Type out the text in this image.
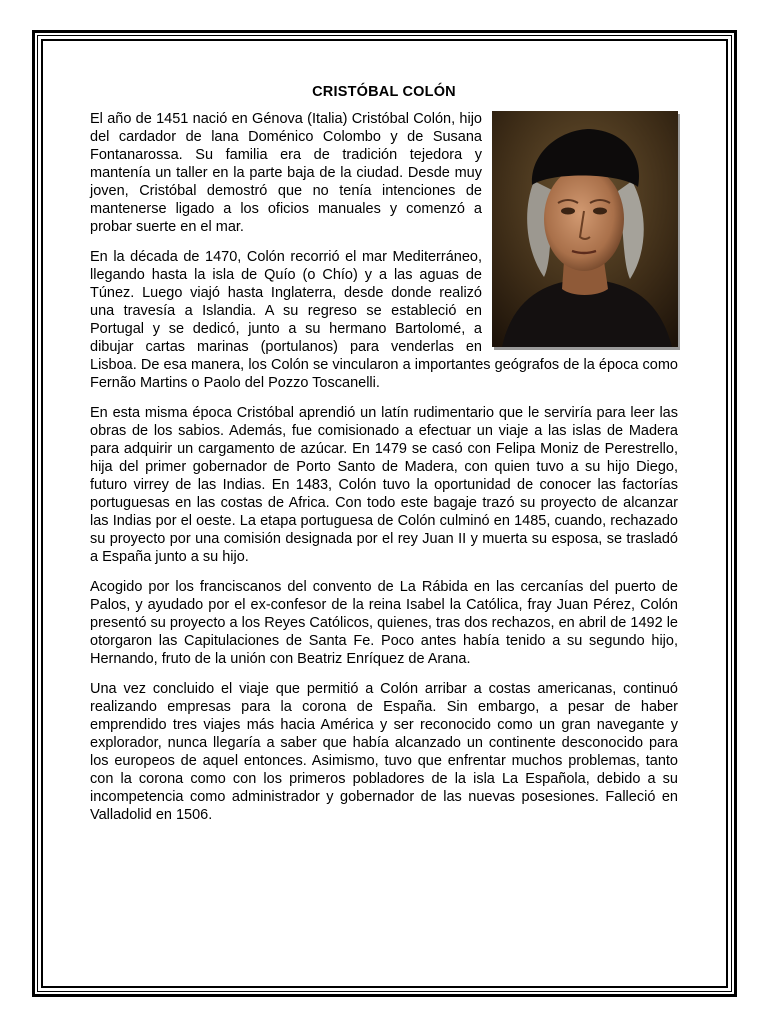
CRISTÓBAL COLÓN

El año de 1451 nació en Génova (Italia) Cristóbal Colón, hijo del cardador de lana Doménico Colombo y de Susana Fontanarossa. Su familia era de tradición tejedora y mantenía un taller en la parte baja de la ciudad. Desde muy joven, Cristóbal demostró que no tenía intenciones de mantenerse ligado a los oficios manuales y comenzó a probar suerte en el mar.

En la década de 1470, Colón recorrió el mar Mediterráneo, llegando hasta la isla de Quío (o Chío) y a las aguas de Túnez. Luego viajó hasta Inglaterra, desde donde realizó una travesía a Islandia. A su regreso se estableció en Portugal y se dedicó, junto a su hermano Bartolomé, a dibujar cartas marinas (portulanos) para venderlas en Lisboa. De esa manera, los Colón se vincularon a importantes geógrafos de la época como Fernão Martins o Paolo del Pozzo Toscanelli.

En esta misma época Cristóbal aprendió un latín rudimentario que le serviría para leer las obras de los sabios. Además, fue comisionado a efectuar un viaje a las islas de Madera para adquirir un cargamento de azúcar. En 1479 se casó con Felipa Moniz de Perestrello, hija del primer gobernador de Porto Santo de Madera, con quien tuvo a su hijo Diego, futuro virrey de las Indias. En 1483, Colón tuvo la oportunidad de conocer las factorías portuguesas en las costas de Africa. Con todo este bagaje trazó su proyecto de alcanzar las Indias por el oeste. La etapa portuguesa de Colón culminó en 1485, cuando, rechazado su proyecto por una comisión designada por el rey Juan II y muerta su esposa, se trasladó a España junto a su hijo.

Acogido por los franciscanos del convento de La Rábida en las cercanías del puerto de Palos, y ayudado por el ex-confesor de la reina Isabel la Católica, fray Juan Pérez, Colón presentó su proyecto a los Reyes Católicos, quienes, tras dos rechazos, en abril de 1492 le otorgaron las Capitulaciones de Santa Fe. Poco antes había tenido a su segundo hijo, Hernando, fruto de la unión con Beatriz Enríquez de Arana.

Una vez concluido el viaje que permitió a Colón arribar a costas americanas, continuó realizando empresas para la corona de España. Sin embargo, a pesar de haber emprendido tres viajes más hacia América y ser reconocido como un gran navegante y explorador, nunca llegaría a saber que había alcanzado un continente desconocido para los europeos de aquel entonces. Asimismo, tuvo que enfrentar muchos problemas, tanto con la corona como con los primeros pobladores de la isla La Española, debido a su incompetencia como administrador y gobernador de las nuevas posesiones. Falleció en Valladolid en 1506.
